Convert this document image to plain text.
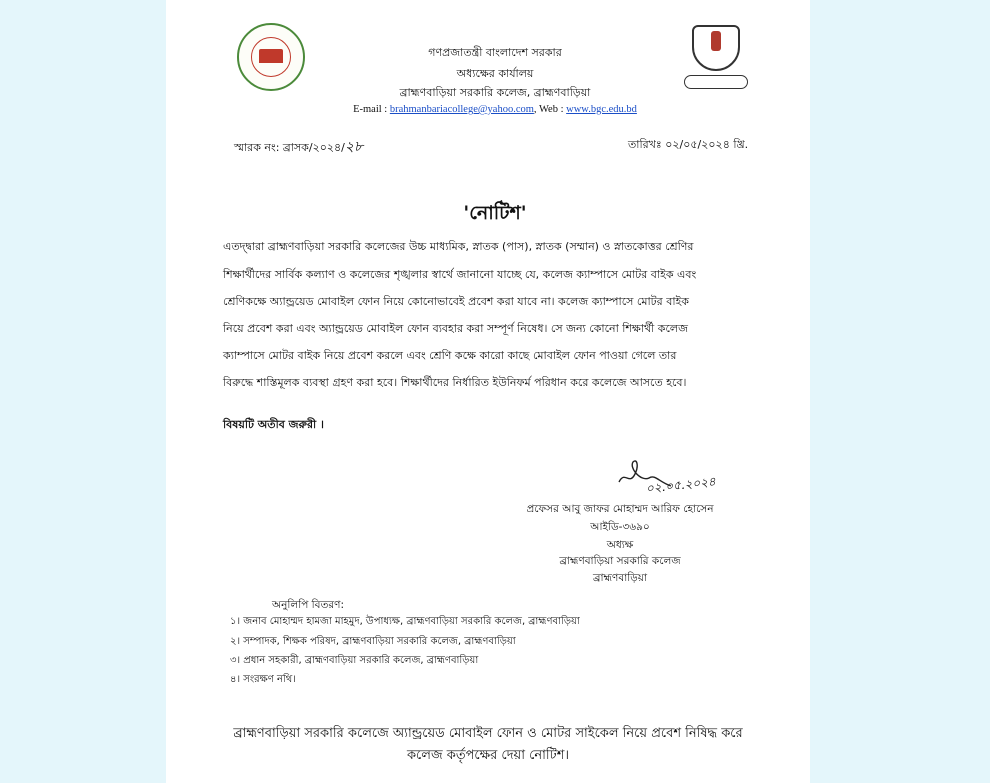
গণপ্রজাতন্ত্রী বাংলাদেশ সরকার
অধ্যক্ষের কার্যালয়
ব্রাহ্মণবাড়িয়া সরকারি কলেজ, ব্রাহ্মণবাড়িয়া
E-mail : brahmanbariacollege@yahoo.com, Web : www.bgc.edu.bd
স্মারক নং: ব্রাসক/২০২৪/২৮	তারিখঃ ০২/০৫/২০২৪ খ্রি.
'নোটিশ'
এতদ্দ্বারা ব্রাহ্মণবাড়িয়া সরকারি কলেজের উচ্চ মাধ্যমিক, স্নাতক (পাস), স্নাতক (সম্মান) ও স্নাতকোত্তর শ্রেণির
শিক্ষার্থীদের সার্বিক কল্যাণ ও কলেজের শৃঙ্খলার স্বার্থে জানানো যাচ্ছে যে, কলেজ ক্যাম্পাসে মোটর বাইক এবং
শ্রেণিকক্ষে অ্যান্ড্রয়েড মোবাইল ফোন নিয়ে কোনোভাবেই প্রবেশ করা যাবে না। কলেজ ক্যাম্পাসে মোটর বাইক
নিয়ে প্রবেশ করা এবং অ্যান্ড্রয়েড মোবাইল ফোন ব্যবহার করা সম্পূর্ণ নিষেধ। সে জন্য কোনো শিক্ষার্থী কলেজ
ক্যাম্পাসে মোটর বাইক নিয়ে প্রবেশ করলে এবং শ্রেণি কক্ষে কারো কাছে মোবাইল ফোন পাওয়া গেলে তার
বিরুদ্ধে শাস্তিমূলক ব্যবস্থা গ্রহণ করা হবে। শিক্ষার্থীদের নির্ধারিত ইউনিফর্ম পরিধান করে কলেজে আসতে হবে।
বিষয়টি অতীব জরুরী ।
০২.০৫.২০২৪
প্রফেসর আবু জাফর মোহাম্মদ আরিফ হোসেন
আইডি-৩৬৯০
অধ্যক্ষ
ব্রাহ্মণবাড়িয়া সরকারি কলেজ
ব্রাহ্মণবাড়িয়া
অনুলিপি বিতরণ:
১। জনাব মোহাম্মদ হামজা মাহমুদ, উপাধ্যক্ষ, ব্রাহ্মণবাড়িয়া সরকারি কলেজ, ব্রাহ্মণবাড়িয়া
২। সম্পাদক, শিক্ষক পরিষদ, ব্রাহ্মণবাড়িয়া সরকারি কলেজ, ব্রাহ্মণবাড়িয়া
৩। প্রধান সহকারী, ব্রাহ্মণবাড়িয়া সরকারি কলেজ, ব্রাহ্মণবাড়িয়া
৪। সংরক্ষণ নথি।
ব্রাহ্মণবাড়িয়া সরকারি কলেজে অ্যান্ড্রয়েড মোবাইল ফোন ও মোটর সাইকেল নিয়ে প্রবেশ নিষিদ্ধ করে
কলেজ কর্তৃপক্ষের দেয়া নোটিশ।
